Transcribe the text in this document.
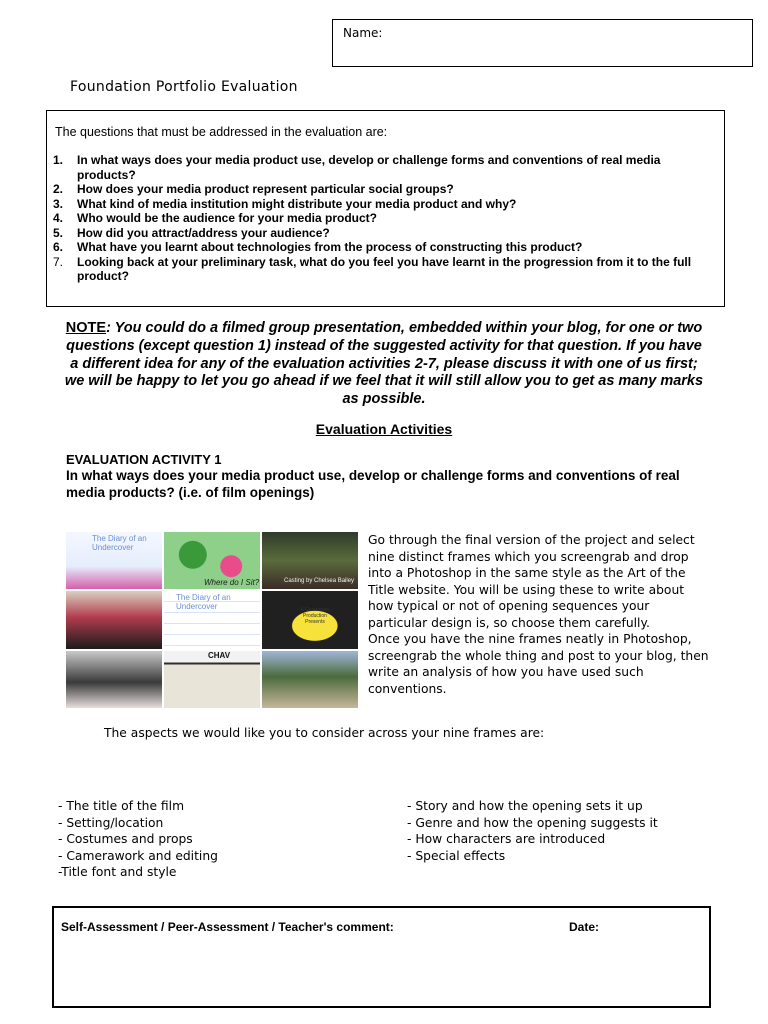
Name:
Foundation Portfolio Evaluation
The questions that must be addressed in the evaluation are:
1. In what ways does your media product use, develop or challenge forms and conventions of real media products?
2. How does your media product represent particular social groups?
3. What kind of media institution might distribute your media product and why?
4. Who would be the audience for your media product?
5. How did you attract/address your audience?
6. What have you learnt about technologies from the process of constructing this product?
7. Looking back at your preliminary task, what do you feel you have learnt in the progression from it to the full product?
NOTE: You could do a filmed group presentation, embedded within your blog, for one or two questions (except question 1) instead of the suggested activity for that question. If you have a different idea for any of the evaluation activities 2-7, please discuss it with one of us first; we will be happy to let you go ahead if we feel that it will still allow you to get as many marks as possible.
Evaluation Activities
EVALUATION ACTIVITY 1
In what ways does your media product use, develop or challenge forms and conventions of real media products? (i.e. of film openings)
The Diary of an Undercover
Where do I Sit?	Casting by Chelsea Bailey
The Diary of an Undercover	A Gearheads Production Presents
CHAV

Go through the final version of the project and select nine distinct frames which you screengrab and drop into a Photoshop in the same style as the Art of the Title website. You will be using these to write about how typical or not of opening sequences your particular design is, so choose them carefully.

Once you have the nine frames neatly in Photoshop, screengrab the whole thing and post to your blog, then write an analysis of how you have used such conventions.

The aspects we would like you to consider across your nine frames are:
- The title of the film
- Setting/location
- Costumes and props
- Camerawork and editing
-Title font and style
- Story and how the opening sets it up
- Genre and how the opening suggests it
- How characters are introduced
- Special effects
Self-Assessment / Peer-Assessment / Teacher's comment:	Date:
